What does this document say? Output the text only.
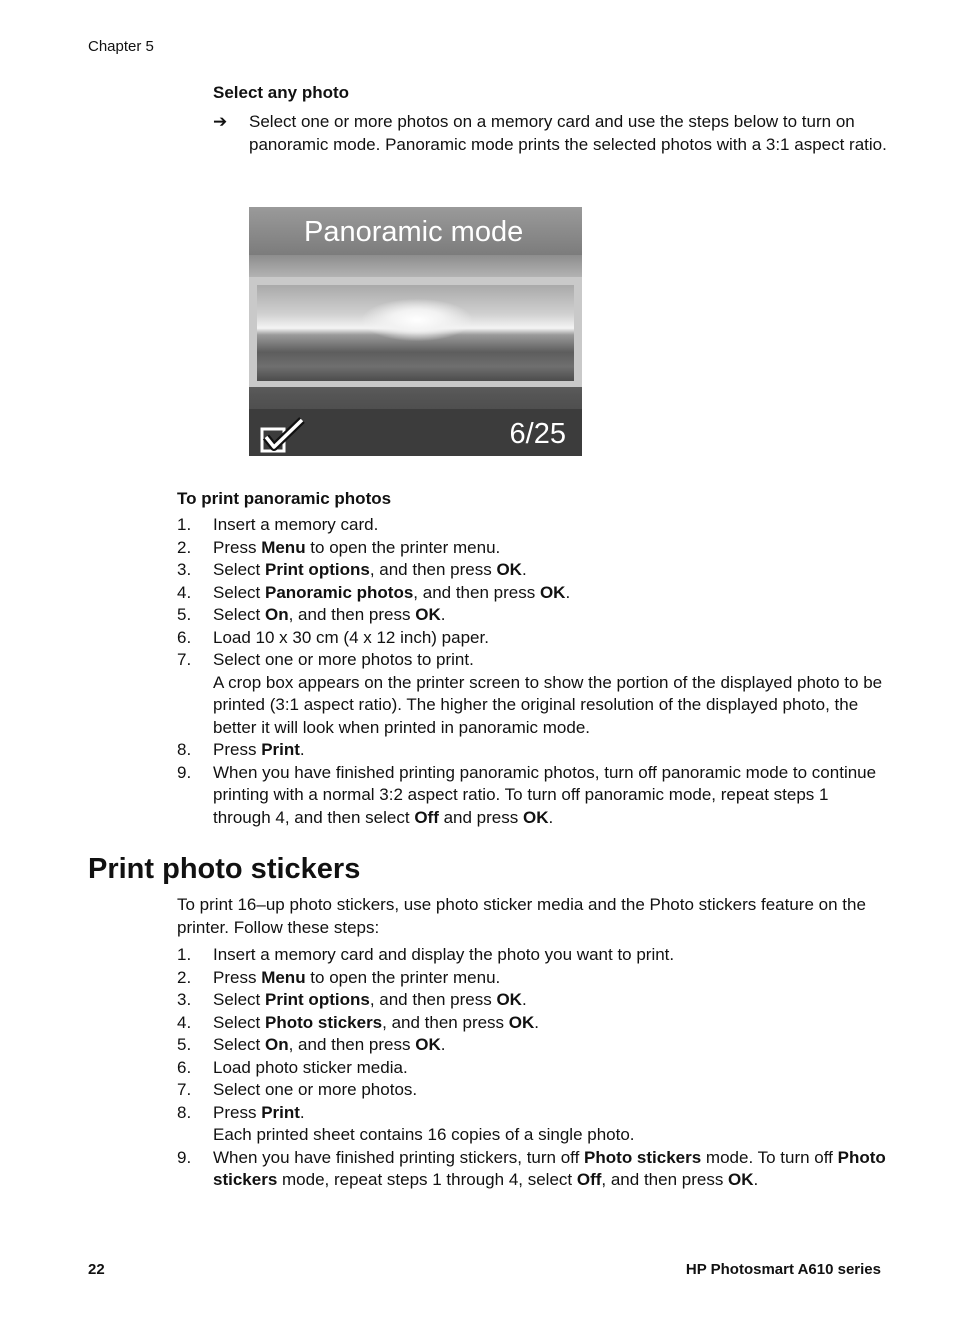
Chapter 5
Select any photo
➔ Select one or more photos on a memory card and use the steps below to turn on panoramic mode. Panoramic mode prints the selected photos with a 3:1 aspect ratio.
Panoramic mode
6/25
To print panoramic photos
1. Insert a memory card.
2. Press Menu to open the printer menu.
3. Select Print options, and then press OK.
4. Select Panoramic photos, and then press OK.
5. Select On, and then press OK.
6. Load 10 x 30 cm (4 x 12 inch) paper.
7. Select one or more photos to print.
A crop box appears on the printer screen to show the portion of the displayed photo to be printed (3:1 aspect ratio). The higher the original resolution of the displayed photo, the better it will look when printed in panoramic mode.
8. Press Print.
9. When you have finished printing panoramic photos, turn off panoramic mode to continue printing with a normal 3:2 aspect ratio. To turn off panoramic mode, repeat steps 1 through 4, and then select Off and press OK.
Print photo stickers
To print 16–up photo stickers, use photo sticker media and the Photo stickers feature on the printer. Follow these steps:
1. Insert a memory card and display the photo you want to print.
2. Press Menu to open the printer menu.
3. Select Print options, and then press OK.
4. Select Photo stickers, and then press OK.
5. Select On, and then press OK.
6. Load photo sticker media.
7. Select one or more photos.
8. Press Print.
Each printed sheet contains 16 copies of a single photo.
9. When you have finished printing stickers, turn off Photo stickers mode. To turn off Photo stickers mode, repeat steps 1 through 4, select Off, and then press OK.
22	HP Photosmart A610 series
